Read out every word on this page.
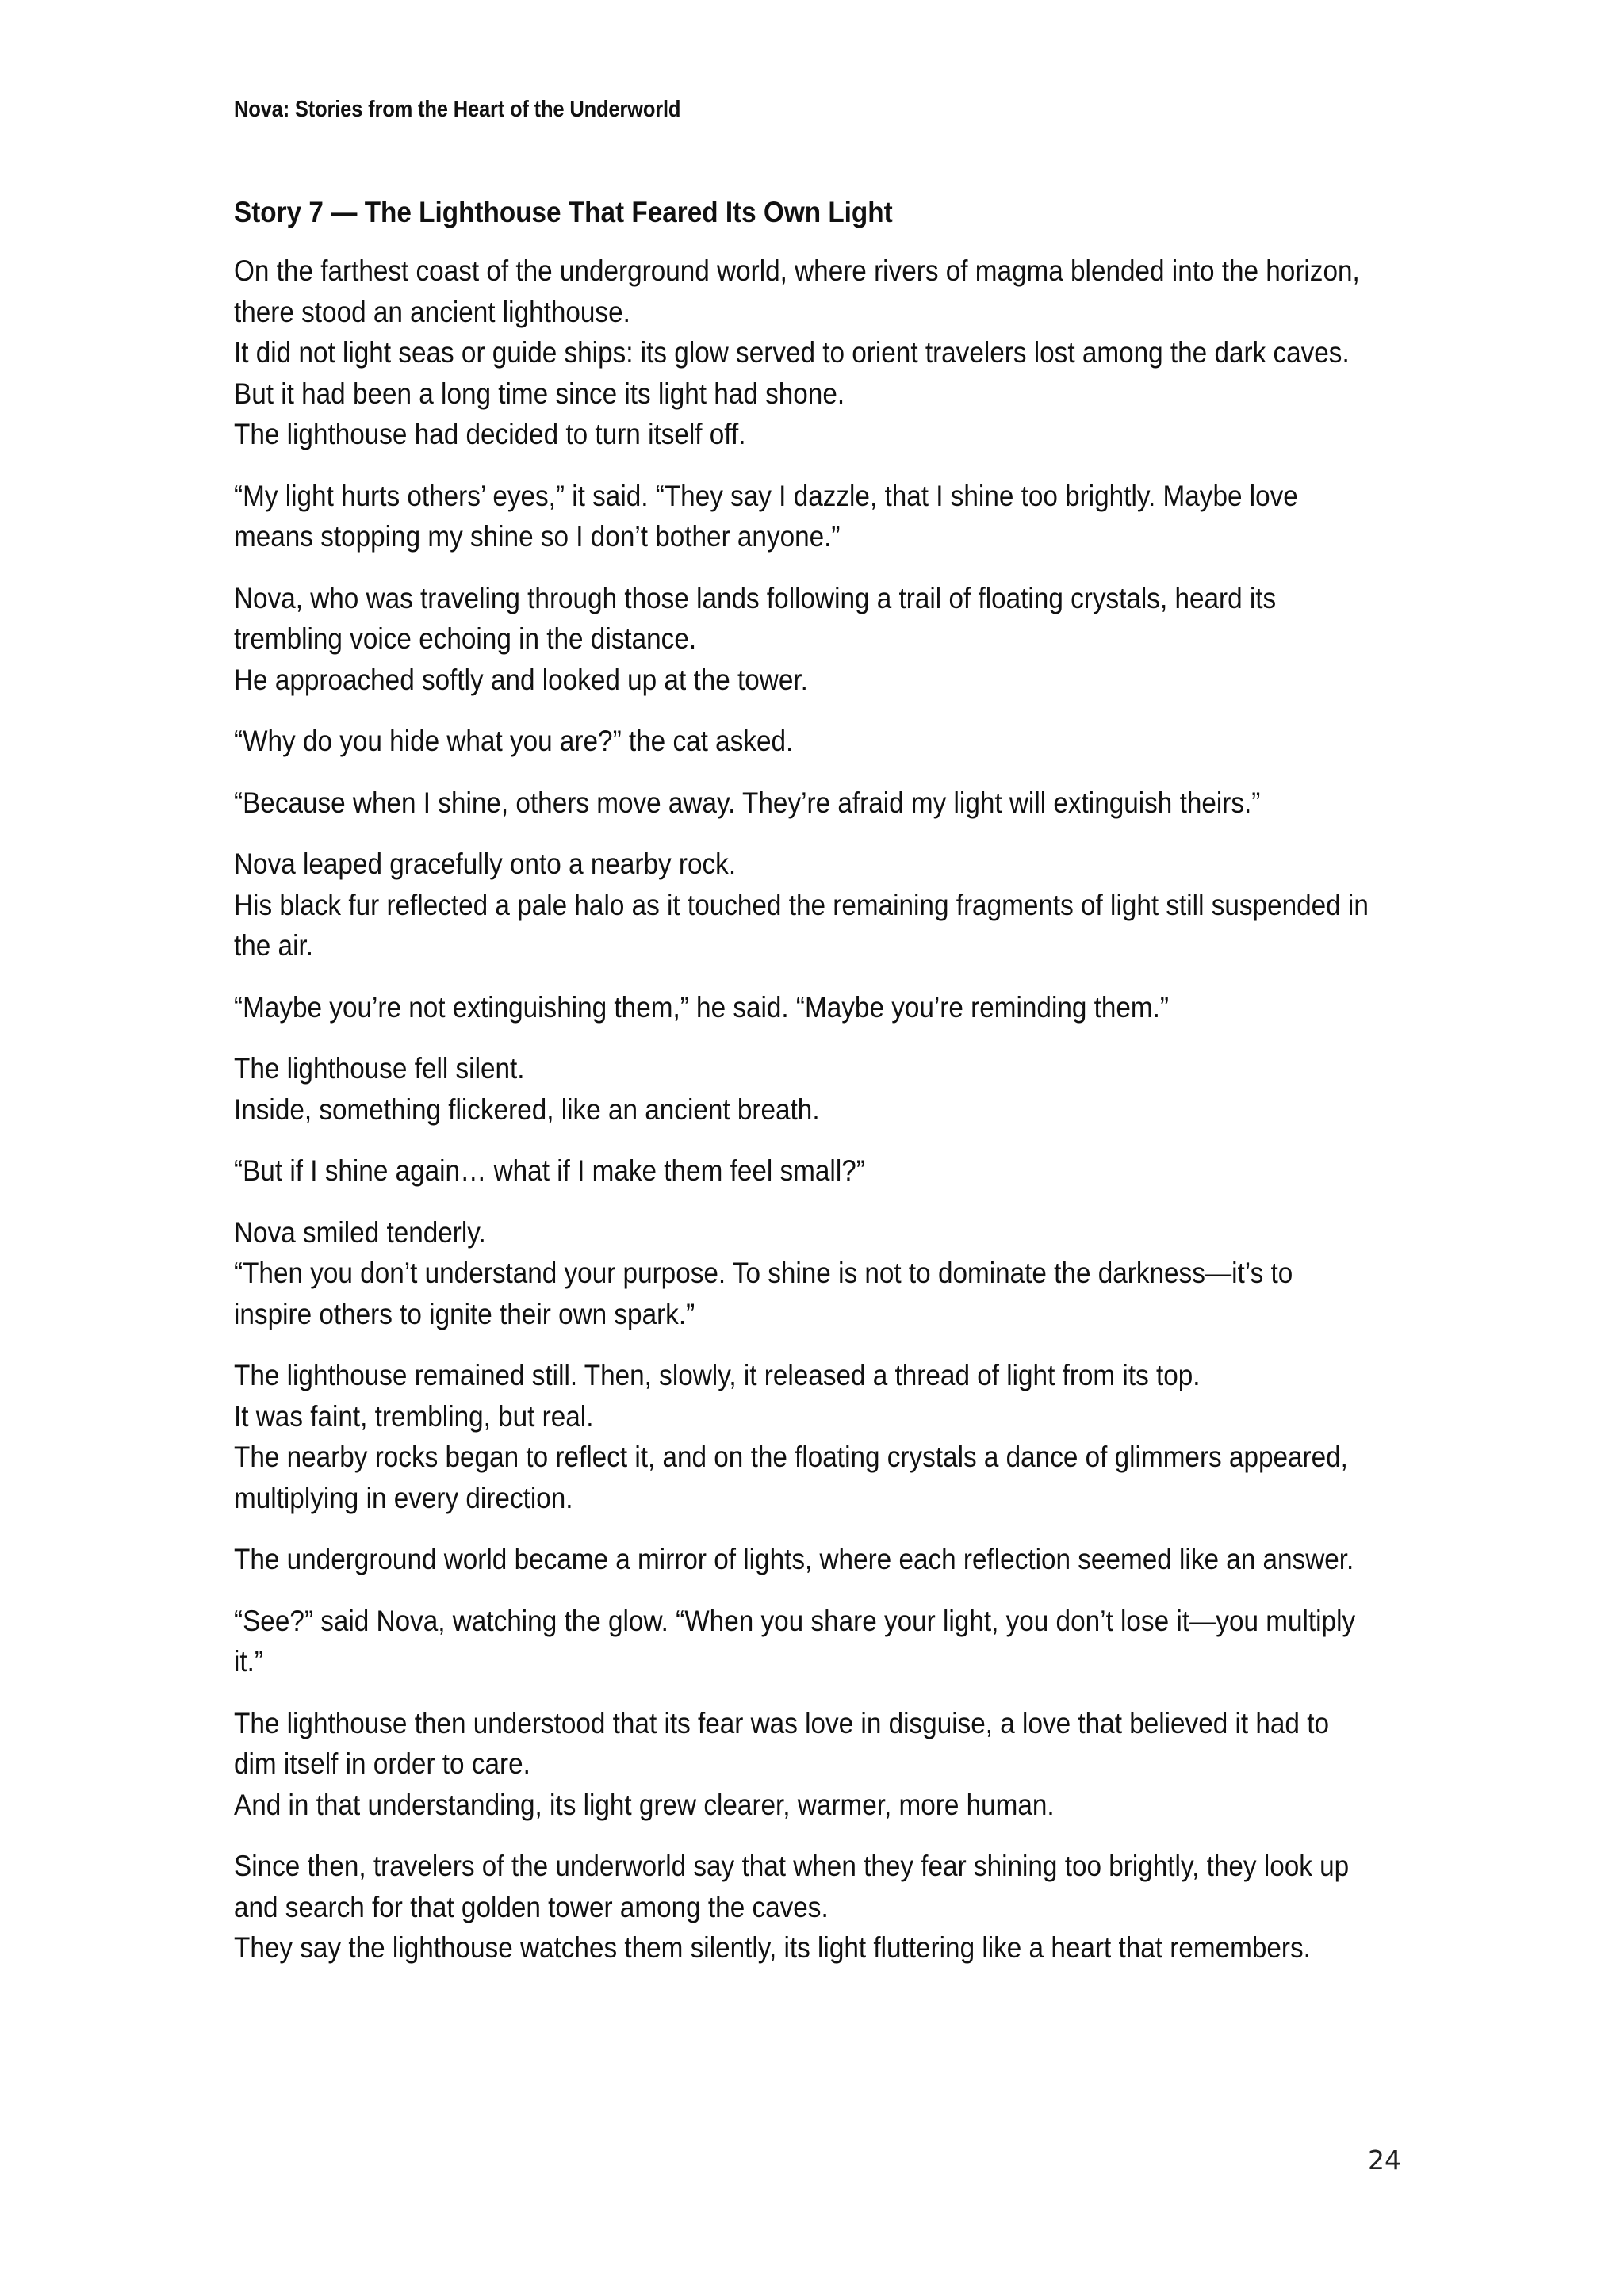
Nova: Stories from the Heart of the Underworld
Story 7 — The Lighthouse That Feared Its Own Light
On the farthest coast of the underground world, where rivers of magma blended into the horizon,
there stood an ancient lighthouse.
It did not light seas or guide ships: its glow served to orient travelers lost among the dark caves.
But it had been a long time since its light had shone.
The lighthouse had decided to turn itself off.
“My light hurts others’ eyes,” it said. “They say I dazzle, that I shine too brightly. Maybe love
means stopping my shine so I don’t bother anyone.”
Nova, who was traveling through those lands following a trail of floating crystals, heard its
trembling voice echoing in the distance.
He approached softly and looked up at the tower.
“Why do you hide what you are?” the cat asked.
“Because when I shine, others move away. They’re afraid my light will extinguish theirs.”
Nova leaped gracefully onto a nearby rock.
His black fur reflected a pale halo as it touched the remaining fragments of light still suspended in
the air.
“Maybe you’re not extinguishing them,” he said. “Maybe you’re reminding them.”
The lighthouse fell silent.
Inside, something flickered, like an ancient breath.
“But if I shine again… what if I make them feel small?”
Nova smiled tenderly.
“Then you don’t understand your purpose. To shine is not to dominate the darkness—it’s to
inspire others to ignite their own spark.”
The lighthouse remained still. Then, slowly, it released a thread of light from its top.
It was faint, trembling, but real.
The nearby rocks began to reflect it, and on the floating crystals a dance of glimmers appeared,
multiplying in every direction.
The underground world became a mirror of lights, where each reflection seemed like an answer.
“See?” said Nova, watching the glow. “When you share your light, you don’t lose it—you multiply
it.”
The lighthouse then understood that its fear was love in disguise, a love that believed it had to
dim itself in order to care.
And in that understanding, its light grew clearer, warmer, more human.
Since then, travelers of the underworld say that when they fear shining too brightly, they look up
and search for that golden tower among the caves.
They say the lighthouse watches them silently, its light fluttering like a heart that remembers.
24
